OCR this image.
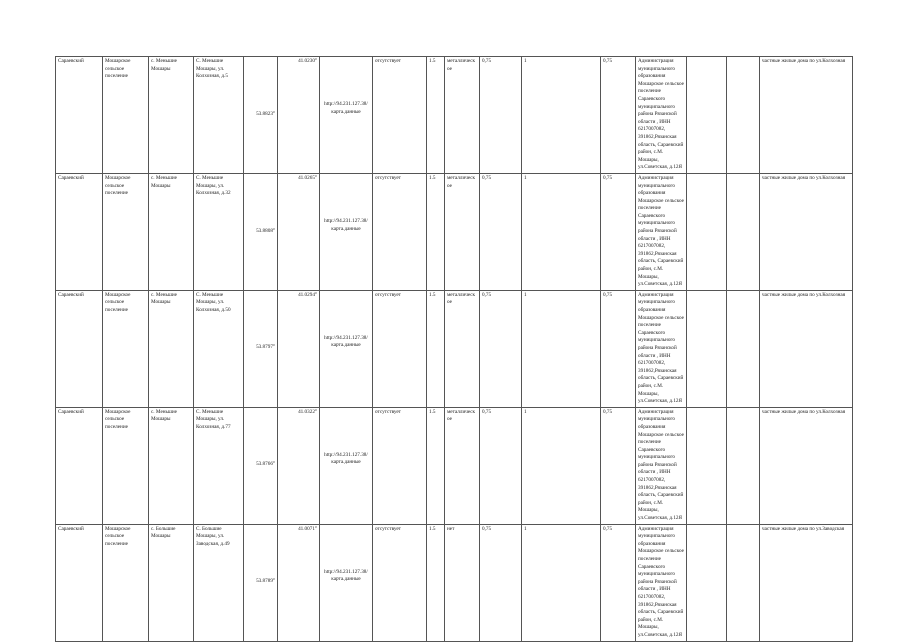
Сараевский	Мошарское сельское поселение	с. Меньшие Мошары	С. Меньшие Мошары, ул. Колхозная, д.5	53.8823°	41.0230°	http://94.231.127.38/карта.данные	отсутствует	1.5	металлическое	0,75	1	0,75	Администрация муниципального образования Мошарское сельское поселение Сараевского муниципального района Рязанской области , ИНН 6217007082, 391862,Рязанская область, Сараевский район, с.М. Мошары, ул.Советская, д.12Я			частные жилые дома по ул.Колхозная
Сараевский	Мошарское сельское поселение	с. Меньшие Мошары	С. Меньшие Мошары, ул. Колхозная, д.32	53.8808°	41.0265°	http://94.231.127.38/карта.данные	отсутствует	1.5	металлическое	0,75	1	0,75	Администрация муниципального образования Мошарское сельское поселение Сараевского муниципального района Рязанской области , ИНН 6217007082, 391862,Рязанская область, Сараевский район, с.М. Мошары, ул.Советская, д.12Я			частные жилые дома по ул.Колхозная
Сараевский	Мошарское сельское поселение	с. Меньшие Мошары	С. Меньшие Мошары, ул. Колхозная, д.50	53.8797°	41.0294°	http://94.231.127.38/карта.данные	отсутствует	1.5	металлическое	0,75	1	0,75	Администрация муниципального образования Мошарское сельское поселение Сараевского муниципального района Рязанской области , ИНН 6217007082, 391862,Рязанская область, Сараевский район, с.М. Мошары, ул.Советская, д.12Я			частные жилые дома по ул.Колхозная
Сараевский	Мошарское сельское поселение	с. Меньшие Мошары	С. Меньшие Мошары, ул. Колхозная, д.77	53.8766°	41.0322°	http://94.231.127.38/карта.данные	отсутствует	1.5	металлическое	0,75	1	0,75	Администрация муниципального образования Мошарское сельское поселение Сараевского муниципального района Рязанской области , ИНН 6217007082, 391862,Рязанская область, Сараевский район, с.М. Мошары, ул.Советская, д.12Я			частные жилые дома по ул.Колхозная
Сараевский	Мошарское сельское поселение	с. Большие Мошары	С. Большие Мошары, ул. Заводская, д.49	53.8789°	41.0071°	http://94.231.127.38/карта.данные	отсутствует	1.5	нет	0,75	1	0,75	Администрация муниципального образования Мошарское сельское поселение Сараевского муниципального района Рязанской области , ИНН 6217007082, 391862,Рязанская область, Сараевский район, с.М. Мошары, ул.Советская, д.12Я			частные жилые дома по ул.Заводская
